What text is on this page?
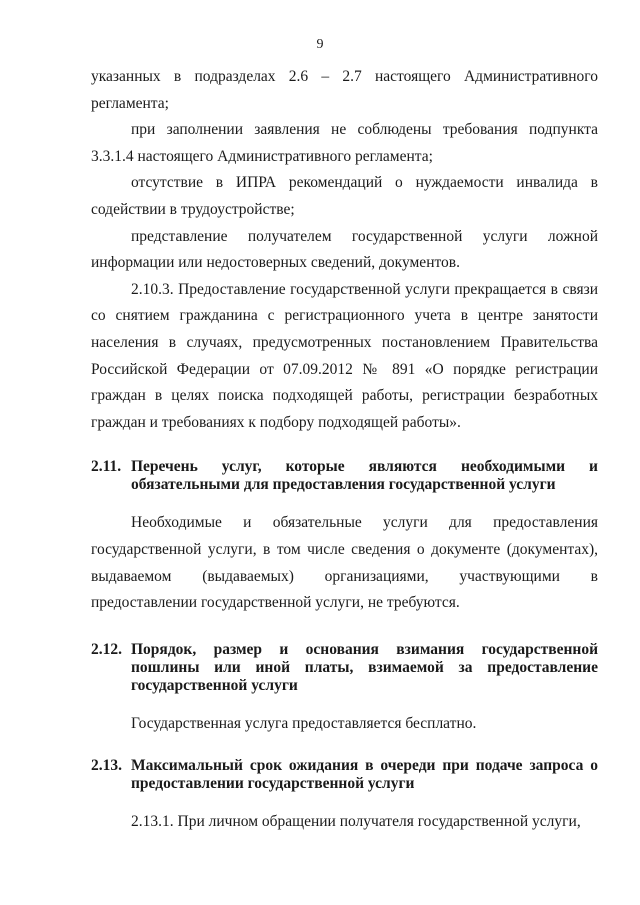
9

указанных в подразделах 2.6 – 2.7 настоящего Административного регламента;

при заполнении заявления не соблюдены требования подпункта 3.3.1.4 настоящего Административного регламента;

отсутствие в ИПРА рекомендаций о нуждаемости инвалида в содействии в трудоустройстве;

представление получателем государственной услуги ложной информации или недостоверных сведений, документов.

2.10.3. Предоставление государственной услуги прекращается в связи со снятием гражданина с регистрационного учета в центре занятости населения в случаях, предусмотренных постановлением Правительства Российской Федерации от 07.09.2012 № 891 «О порядке регистрации граждан в целях поиска подходящей работы, регистрации безработных граждан и требованиях к подбору подходящей работы».

2.11. Перечень услуг, которые являются необходимыми и обязательными для предоставления государственной услуги

Необходимые и обязательные услуги для предоставления государственной услуги, в том числе сведения о документе (документах), выдаваемом (выдаваемых) организациями, участвующими в предоставлении государственной услуги, не требуются.

2.12. Порядок, размер и основания взимания государственной пошлины или иной платы, взимаемой за предоставление государственной услуги

Государственная услуга предоставляется бесплатно.

2.13. Максимальный срок ожидания в очереди при подаче запроса о предоставлении государственной услуги

2.13.1. При личном обращении получателя государственной услуги,
